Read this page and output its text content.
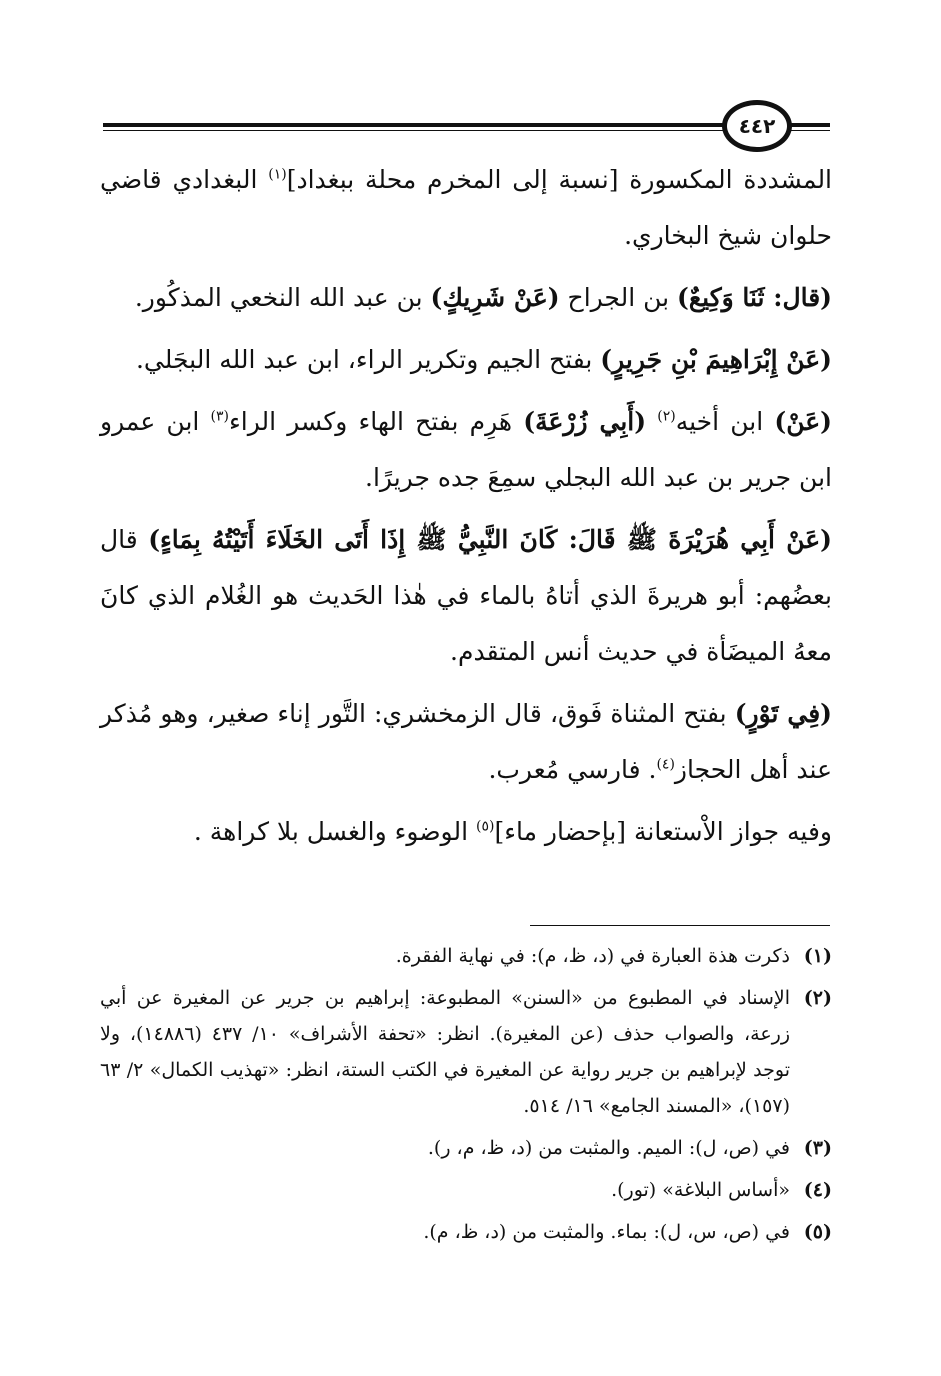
٤٤٢

المشددة المكسورة [نسبة إلى المخرم محلة ببغداد]$^{(١)}$ البغدادي قاضي حلوان شيخ البخاري.

(قال: ثَنَا وَكِيعٌ) بن الجراح (عَنْ شَرِيكٍ) بن عبد الله النخعي المذكُور.

(عَنْ إِبْرَاهِيمَ بْنِ جَرِيرٍ) بفتح الجيم وتكرير الراء، ابن عبد الله البجَلي.

(عَنْ) ابن أخيه$^{(٢)}$ (أَبِي زُرْعَةَ) هَرِم بفتح الهاء وكسر الراء$^{(٣)}$ ابن عمرو ابن جرير بن عبد الله البجلي سمِعَ جده جريرًا.

(عَنْ أَبِي هُرَيْرَةَ ﷺ قَالَ: كَانَ النَّبِيُّ ﷺ إِذَا أَتَى الخَلَاءَ أَتَيْتُهُ بِمَاءٍ) قال بعضُهم: أبو هريرةَ الذي أتاهُ بالماء في هٰذا الحَديث هو الغُلام الذي كانَ معهُ الميضَأة في حديث أنس المتقدم.

(فِي تَوْرٍ) بفتح المثناة فَوق، قال الزمخشري: التَّور إناء صغير، وهو مُذكر عند أهل الحجاز$^{(٤)}$. فارسي مُعرب.

وفيه جواز الاْستعانة [بإحضار ماء]$^{(٥)}$ الوضوء والغسل بلا كراهة .

(١)
ذكرت هذة العبارة في (د، ظ، م): في نهاية الفقرة.
(٢)
الإسناد في المطبوع من «السنن» المطبوعة: إبراهيم بن جرير عن المغيرة عن أبي زرعة، والصواب حذف (عن المغيرة). انظر: «تحفة الأشراف» ١٠/ ٤٣٧ (١٤٨٨٦)، ولا توجد لإبراهيم بن جرير رواية عن المغيرة في الكتب الستة، انظر: «تهذيب الكمال» ٢/ ٦٣ (١٥٧)، «المسند الجامع» ١٦/ ٥١٤.
(٣)
في (ص، ل): الميم. والمثبت من (د، ظ، م، ر).
(٤)
«أساس البلاغة» (تور).
(٥)
في (ص، س، ل): بماء. والمثبت من (د، ظ، م).
